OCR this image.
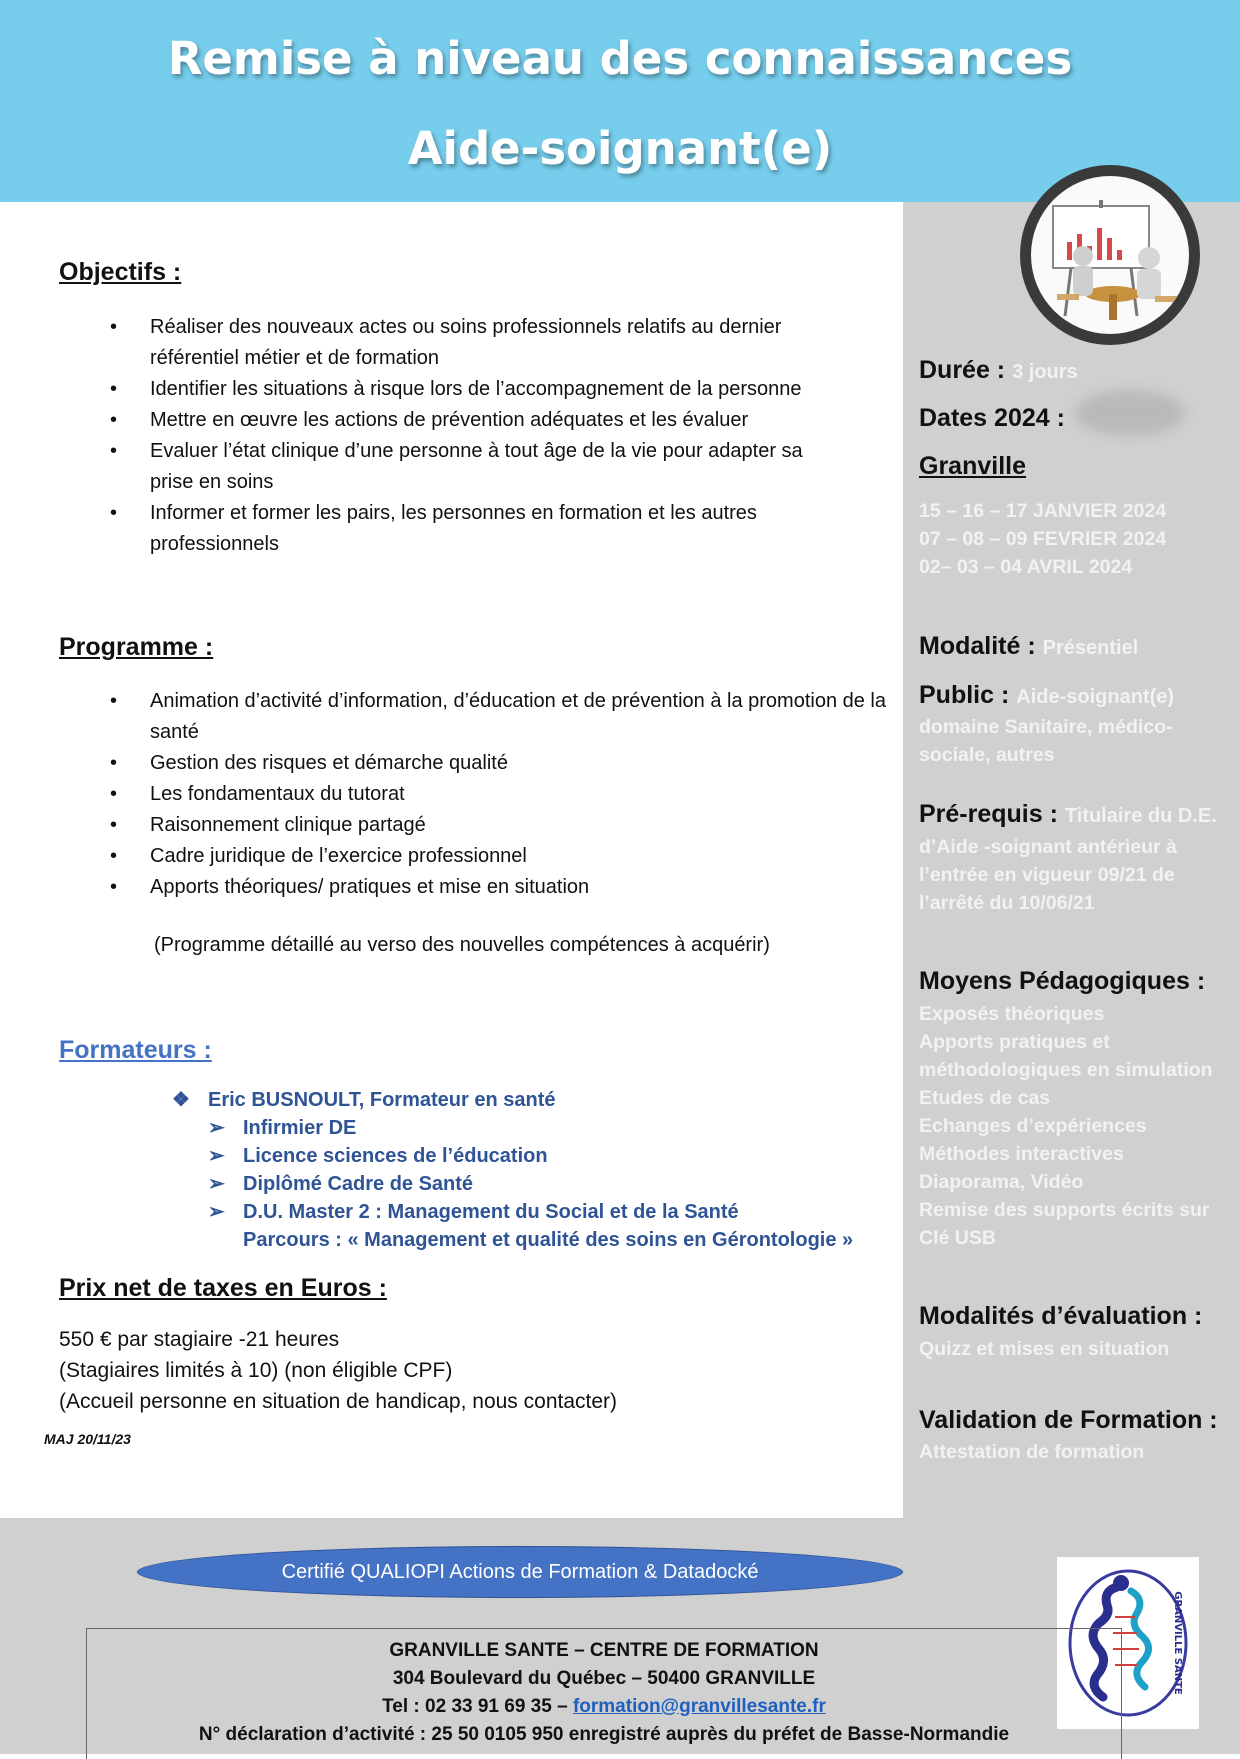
Remise à niveau des connaissances
Aide-soignant(e)
Objectifs :
• Réaliser des nouveaux actes ou soins professionnels relatifs au dernier référentiel métier et de formation
• Identifier les situations à risque lors de l’accompagnement de la personne
• Mettre en œuvre les actions de prévention adéquates et les évaluer
• Evaluer l’état clinique d’une personne à tout âge de la vie pour adapter sa prise en soins
• Informer et former les pairs, les personnes en formation et les autres professionnels
Programme :
• Animation d’activité d’information, d’éducation et de prévention à la promotion de la santé
• Gestion des risques et démarche qualité
• Les fondamentaux du tutorat
• Raisonnement clinique partagé
• Cadre juridique de l’exercice professionnel
• Apports théoriques/ pratiques et mise en situation
(Programme détaillé au verso des nouvelles compétences à acquérir)
Formateurs :
❖ Eric BUSNOULT, Formateur en santé
➢ Infirmier DE
➢ Licence sciences de l’éducation
➢ Diplômé Cadre de Santé
➢ D.U. Master 2 : Management du Social et de la Santé
Parcours : « Management et qualité des soins en Gérontologie »
Prix net de taxes en Euros :
550 € par stagiaire -21 heures
(Stagiaires limités à 10) (non éligible CPF)
(Accueil personne en situation de handicap, nous contacter)
MAJ 20/11/23
Durée : 3 jours
Dates 2024 :
Granville
15 – 16 – 17 JANVIER 2024
07 – 08 – 09 FEVRIER 2024
02– 03 – 04 AVRIL 2024
Modalité : Présentiel
Public : Aide-soignant(e)
domaine Sanitaire, médico-
sociale, autres
Pré-requis : Titulaire du D.E.
d’Aide -soignant antérieur à
l’entrée en vigueur 09/21 de
l’arrêté du 10/06/21
Moyens Pédagogiques :
Exposés théoriques
Apports pratiques et
méthodologiques en simulation
Etudes de cas
Echanges d’expériences
Méthodes interactives
Diaporama, Vidéo
Remise des supports écrits sur
Clé USB
Modalités d’évaluation :
Quizz et mises en situation
Validation de Formation :
Attestation de formation
Certifié QUALIOPI Actions de Formation & Datadocké
GRANVILLE SANTE
GRANVILLE SANTE – CENTRE DE FORMATION
304 Boulevard du Québec – 50400 GRANVILLE
Tel : 02 33 91 69 35 – formation@granvillesante.fr
N° déclaration d’activité : 25 50 0105 950 enregistré auprès du préfet de Basse-Normandie
